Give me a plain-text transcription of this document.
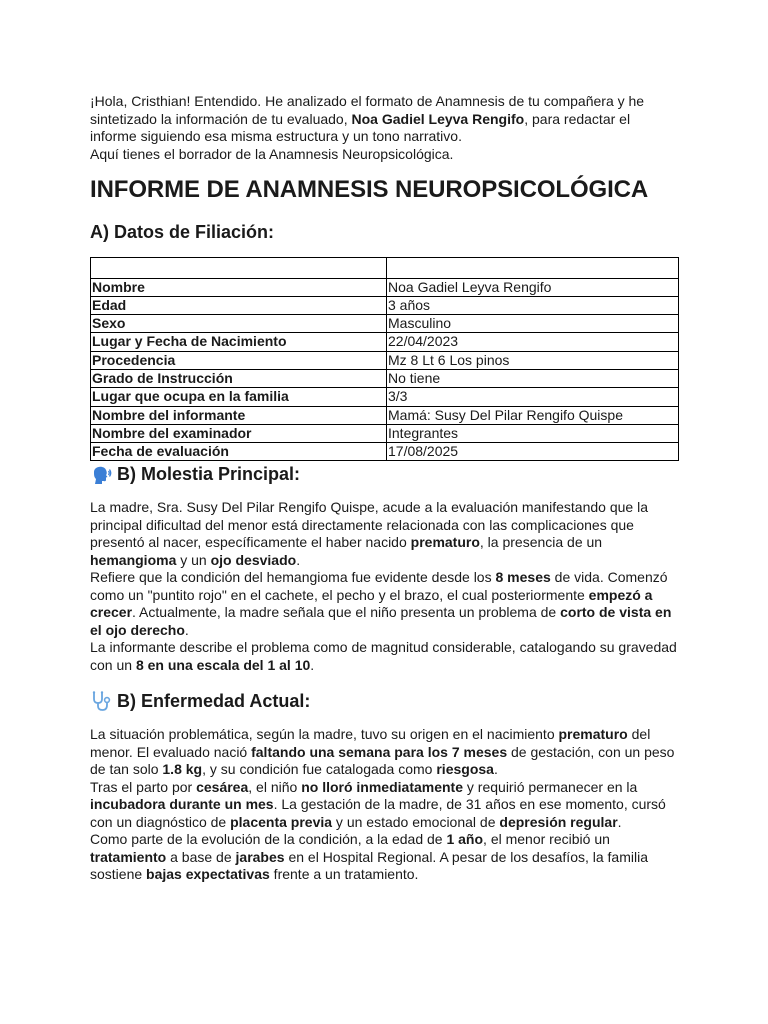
¡Hola, Cristhian! Entendido. He analizado el formato de Anamnesis de tu compañera y he sintetizado la información de tu evaluado, Noa Gadiel Leyva Rengifo, para redactar el informe siguiendo esa misma estructura y un tono narrativo.

Aquí tienes el borrador de la Anamnesis Neuropsicológica.

INFORME DE ANAMNESIS NEUROPSICOLÓGICA
A) Datos de Filiación:

Nombre	Noa Gadiel Leyva Rengifo
Edad	3 años
Sexo	Masculino
Lugar y Fecha de Nacimiento	22/04/2023
Procedencia	Mz 8 Lt 6 Los pinos
Grado de Instrucción	No tiene
Lugar que ocupa en la familia	3/3
Nombre del informante	Mamá: Susy Del Pilar Rengifo Quispe
Nombre del examinador	Integrantes
Fecha de evaluación	17/08/2025
B) Molestia Principal:

La madre, Sra. Susy Del Pilar Rengifo Quispe, acude a la evaluación manifestando que la principal dificultad del menor está directamente relacionada con las complicaciones que presentó al nacer, específicamente el haber nacido prematuro, la presencia de un hemangioma y un ojo desviado.

Refiere que la condición del hemangioma fue evidente desde los 8 meses de vida. Comenzó como un "puntito rojo" en el cachete, el pecho y el brazo, el cual posteriormente empezó a crecer. Actualmente, la madre señala que el niño presenta un problema de corto de vista en el ojo derecho.

La informante describe el problema como de magnitud considerable, catalogando su gravedad con un 8 en una escala del 1 al 10.

B) Enfermedad Actual:

La situación problemática, según la madre, tuvo su origen en el nacimiento prematuro del menor. El evaluado nació faltando una semana para los 7 meses de gestación, con un peso de tan solo 1.8 kg, y su condición fue catalogada como riesgosa.

Tras el parto por cesárea, el niño no lloró inmediatamente y requirió permanecer en la incubadora durante un mes. La gestación de la madre, de 31 años en ese momento, cursó con un diagnóstico de placenta previa y un estado emocional de depresión regular.

Como parte de la evolución de la condición, a la edad de 1 año, el menor recibió un tratamiento a base de jarabes en el Hospital Regional. A pesar de los desafíos, la familia sostiene bajas expectativas frente a un tratamiento.
